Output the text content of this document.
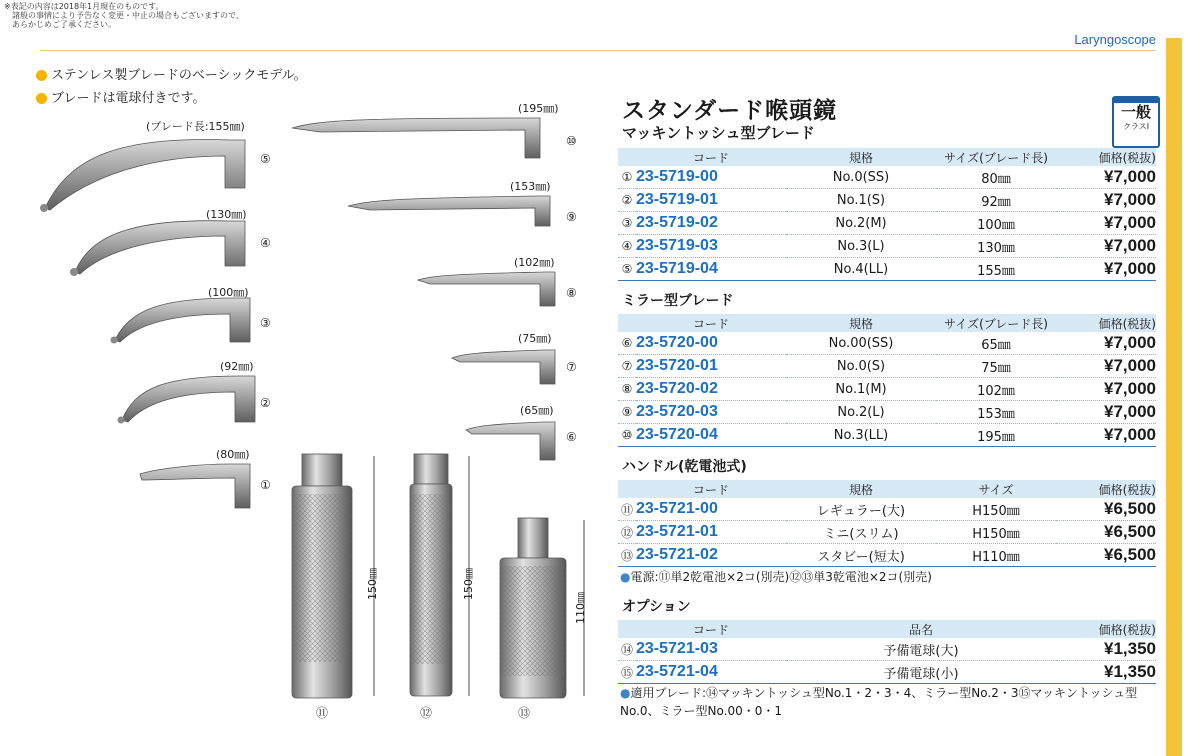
※表記の内容は2018年1月現在のものです。
　諸般の事情により予告なく変更・中止の場合もございますので、
　あらかじめご了承ください。
Laryngoscope
ステンレス製ブレードのベーシックモデル。
ブレードは電球付きです。
(ブレード長:155㎜)
⑤
(130㎜)
④
(100㎜)
③
(92㎜)
②
(80㎜)
①
(195㎜)
⑩
(153㎜)
⑨
(102㎜)
⑧
(75㎜)
⑦
(65㎜)
⑥
150㎜	150㎜
110㎜
⑪	⑫	⑬
スタンダード喉頭鏡
マッキントッシュ型ブレード
一般
クラスⅠ
	コード	規格	サイズ(ブレード長)	価格(税抜)
①	23-5719-00	No.0(SS)	80㎜	¥7,000
②	23-5719-01	No.1(S)	92㎜	¥7,000
③	23-5719-02	No.2(M)	100㎜	¥7,000
④	23-5719-03	No.3(L)	130㎜	¥7,000
⑤	23-5719-04	No.4(LL)	155㎜	¥7,000
ミラー型ブレード
	コード	規格	サイズ(ブレード長)	価格(税抜)
⑥	23-5720-00	No.00(SS)	65㎜	¥7,000
⑦	23-5720-01	No.0(S)	75㎜	¥7,000
⑧	23-5720-02	No.1(M)	102㎜	¥7,000
⑨	23-5720-03	No.2(L)	153㎜	¥7,000
⑩	23-5720-04	No.3(LL)	195㎜	¥7,000
ハンドル(乾電池式)
	コード	規格	サイズ	価格(税抜)
⑪	23-5721-00	レギュラー(大)	H150㎜	¥6,500
⑫	23-5721-01	ミニ(スリム)	H150㎜	¥6,500
⑬	23-5721-02	スタビー(短太)	H110㎜	¥6,500
●電源:⑪単2乾電池×2コ(別売)⑫⑬単3乾電池×2コ(別売)
オプション
	コード	品名	価格(税抜)
⑭	23-5721-03	予備電球(大)	¥1,350
⑮	23-5721-04	予備電球(小)	¥1,350
●適用ブレード:⑭マッキントッシュ型No.1・2・3・4、ミラー型No.2・3⑮マッキントッシュ型
No.0、ミラー型No.00・0・1
